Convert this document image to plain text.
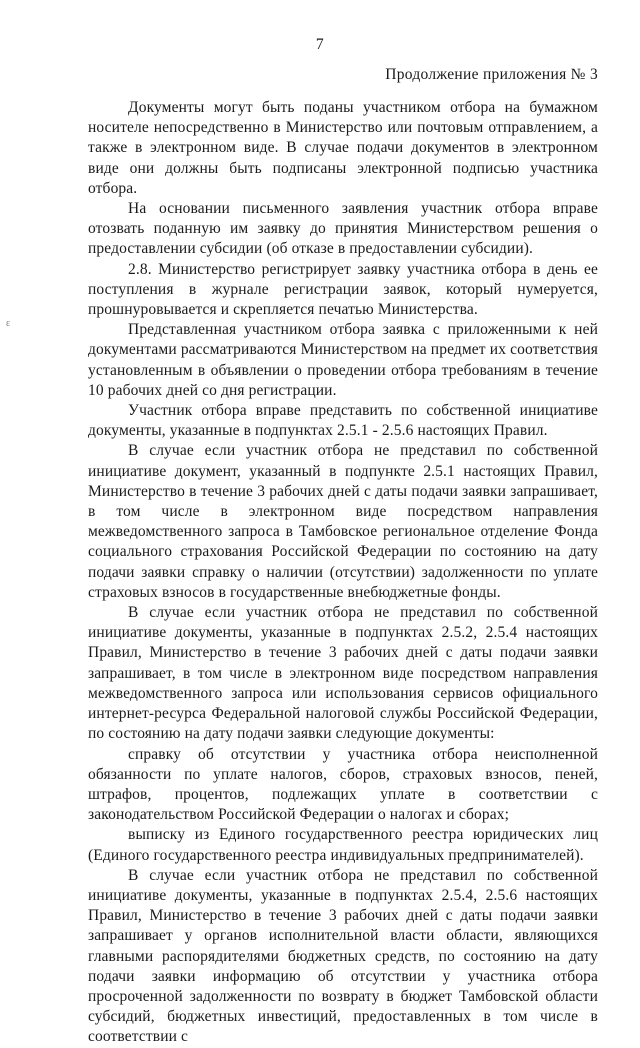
7
Продолжение приложения № 3
ε

Документы могут быть поданы участником отбора на бумажном носителе непосредственно в Министерство или почтовым отправлением, а также в электронном виде. В случае подачи документов в электронном виде они должны быть подписаны электронной подписью участника отбора.

На основании письменного заявления участник отбора вправе отозвать поданную им заявку до принятия Министерством решения о предоставлении субсидии (об отказе в предоставлении субсидии).

2.8. Министерство регистрирует заявку участника отбора в день ее поступления в журнале регистрации заявок, который нумеруется, прошнуровывается и скрепляется печатью Министерства.

Представленная участником отбора заявка с приложенными к ней документами рассматриваются Министерством на предмет их соответствия установленным в объявлении о проведении отбора требованиям в течение 10 рабочих дней со дня регистрации.

Участник отбора вправе представить по собственной инициативе документы, указанные в подпунктах 2.5.1 - 2.5.6 настоящих Правил.

В случае если участник отбора не представил по собственной инициативе документ, указанный в подпункте 2.5.1 настоящих Правил, Министерство в течение 3 рабочих дней с даты подачи заявки запрашивает, в том числе в электронном виде посредством направления межведомственного запроса в Тамбовское региональное отделение Фонда социального страхования Российской Федерации по состоянию на дату подачи заявки справку о наличии (отсутствии) задолженности по уплате страховых взносов в государственные внебюджетные фонды.

В случае если участник отбора не представил по собственной инициативе документы, указанные в подпунктах 2.5.2, 2.5.4 настоящих Правил, Министерство в течение 3 рабочих дней с даты подачи заявки запрашивает, в том числе в электронном виде посредством направления межведомственного запроса или использования сервисов официального интернет-ресурса Федеральной налоговой службы Российской Федерации, по состоянию на дату подачи заявки следующие документы:

справку об отсутствии у участника отбора неисполненной обязанности по уплате налогов, сборов, страховых взносов, пеней, штрафов, процентов, подлежащих уплате в соответствии с законодательством Российской Федерации о налогах и сборах;

выписку из Единого государственного реестра юридических лиц (Единого государственного реестра индивидуальных предпринимателей).

В случае если участник отбора не представил по собственной инициативе документы, указанные в подпунктах 2.5.4, 2.5.6 настоящих Правил, Министерство в течение 3 рабочих дней с даты подачи заявки запрашивает у органов исполнительной власти области, являющихся главными распорядителями бюджетных средств, по состоянию на дату подачи заявки информацию об отсутствии у участника отбора просроченной задолженности по возврату в бюджет Тамбовской области субсидий, бюджетных инвестиций, предоставленных в том числе в соответствии с
